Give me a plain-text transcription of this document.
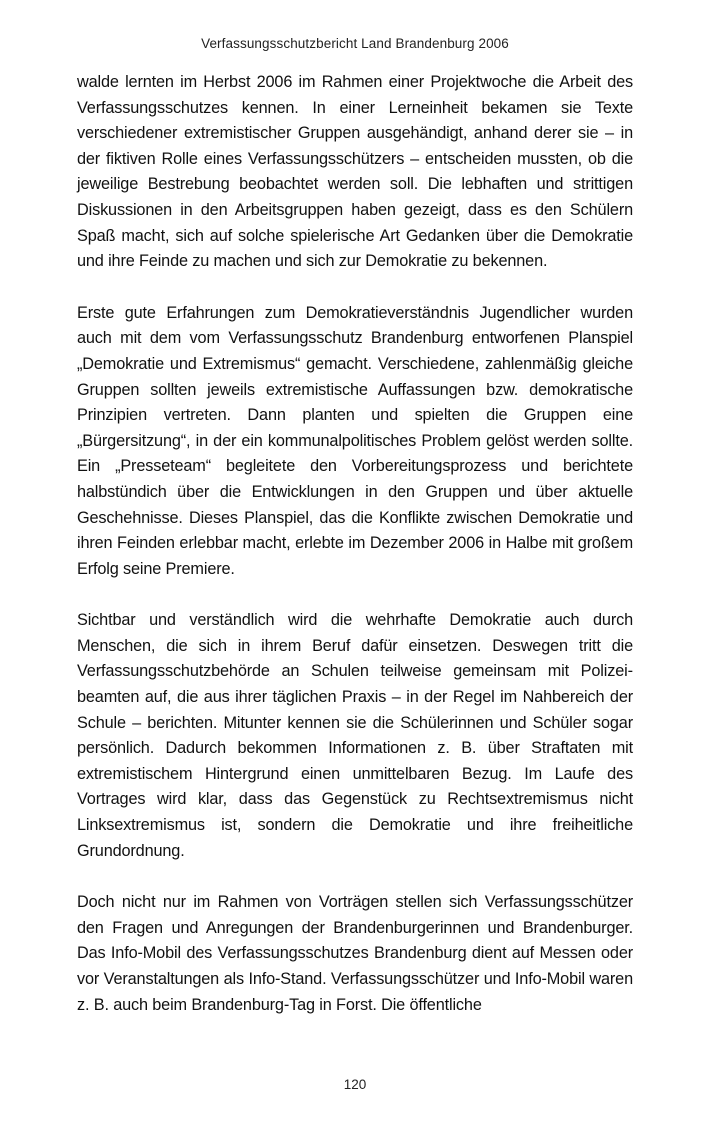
Verfassungsschutzbericht Land Brandenburg 2006

walde lernten im Herbst 2006 im Rahmen einer Projektwoche die Arbeit des Verfassungsschutzes kennen. In einer Lerneinheit bekamen sie Texte verschiedener extremistischer Gruppen ausgehändigt, anhand derer sie – in der fiktiven Rolle eines Verfassungsschützers – entscheiden mussten, ob die jeweilige Bestrebung beobachtet werden soll. Die lebhaften und strittigen Diskussionen in den Arbeitsgruppen haben gezeigt, dass es den Schülern Spaß macht, sich auf solche spielerische Art Gedanken über die Demokratie und ihre Feinde zu machen und sich zur Demokratie zu bekennen.

Erste gute Erfahrungen zum Demokratieverständnis Jugendlicher wurden auch mit dem vom Verfassungsschutz Brandenburg entworfenen Planspiel „Demokratie und Extremismus“ gemacht. Verschiedene, zahlenmäßig gleiche Gruppen sollten jeweils extremistische Auffassungen bzw. demokratische Prinzipien vertreten. Dann planten und spielten die Gruppen eine „Bürgersitzung“, in der ein kommunalpolitisches Problem gelöst werden sollte. Ein „Presseteam“ begleitete den Vorbereitungsprozess und berichtete halbstündich über die Entwicklungen in den Gruppen und über aktuelle Geschehnisse. Dieses Planspiel, das die Konflikte zwischen Demokratie und ihren Feinden erlebbar macht, erlebte im Dezember 2006 in Halbe mit großem Erfolg seine Premiere.

Sichtbar und verständlich wird die wehrhafte Demokratie auch durch Menschen, die sich in ihrem Beruf dafür einsetzen. Deswegen tritt die Verfassungsschutzbehörde an Schulen teilweise gemeinsam mit Polizeibeamten auf, die aus ihrer täglichen Praxis – in der Regel im Nahbereich der Schule – berichten. Mitunter kennen sie die Schülerinnen und Schüler sogar persönlich. Dadurch bekommen Informationen z. B. über Straftaten mit extremistischem Hintergrund einen unmittelbaren Bezug. Im Laufe des Vortrages wird klar, dass das Gegenstück zu Rechtsextremismus nicht Linksextremismus ist, sondern die Demokratie und ihre freiheitliche Grundordnung.

Doch nicht nur im Rahmen von Vorträgen stellen sich Verfassungsschützer den Fragen und Anregungen der Brandenburgerinnen und Brandenburger. Das Info-Mobil des Verfassungsschutzes Brandenburg dient auf Messen oder vor Veranstaltungen als Info-Stand. Verfassungsschützer und Info-Mobil waren z. B. auch beim Brandenburg-Tag in Forst. Die öffentliche

120
